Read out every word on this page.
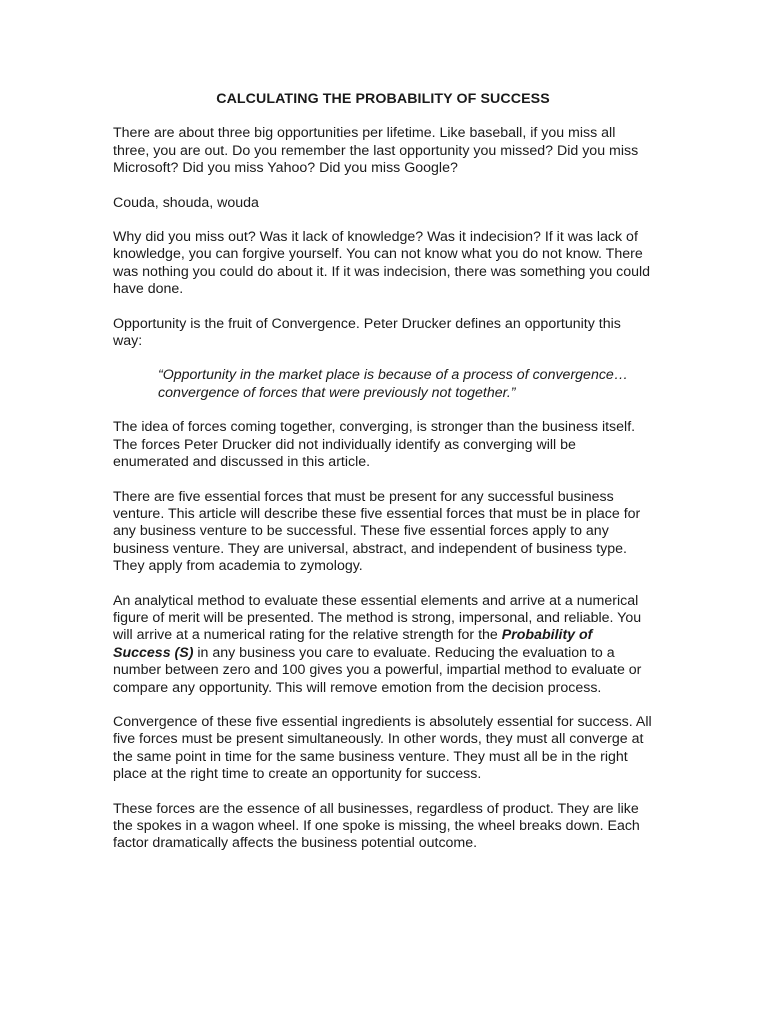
CALCULATING THE PROBABILITY OF SUCCESS

There are about three big opportunities per lifetime. Like baseball, if you miss all three, you are out. Do you remember the last opportunity you missed? Did you miss Microsoft? Did you miss Yahoo? Did you miss Google?

Couda, shouda, wouda

Why did you miss out? Was it lack of knowledge? Was it indecision? If it was lack of knowledge, you can forgive yourself. You can not know what you do not know. There was nothing you could do about it. If it was indecision, there was something you could have done.

Opportunity is the fruit of Convergence. Peter Drucker defines an opportunity this way:

“Opportunity in the market place is because of a process of convergence…convergence of forces that were previously not together.”

The idea of forces coming together, converging, is stronger than the business itself. The forces Peter Drucker did not individually identify as converging will be enumerated and discussed in this article.

There are five essential forces that must be present for any successful business venture. This article will describe these five essential forces that must be in place for any business venture to be successful. These five essential forces apply to any business venture. They are universal, abstract, and independent of business type. They apply from academia to zymology.

An analytical method to evaluate these essential elements and arrive at a numerical figure of merit will be presented. The method is strong, impersonal, and reliable. You will arrive at a numerical rating for the relative strength for the Probability of Success (S) in any business you care to evaluate. Reducing the evaluation to a number between zero and 100 gives you a powerful, impartial method to evaluate or compare any opportunity. This will remove emotion from the decision process.

Convergence of these five essential ingredients is absolutely essential for success. All five forces must be present simultaneously. In other words, they must all converge at the same point in time for the same business venture. They must all be in the right place at the right time to create an opportunity for success.

These forces are the essence of all businesses, regardless of product. They are like the spokes in a wagon wheel. If one spoke is missing, the wheel breaks down. Each factor dramatically affects the business potential outcome.
